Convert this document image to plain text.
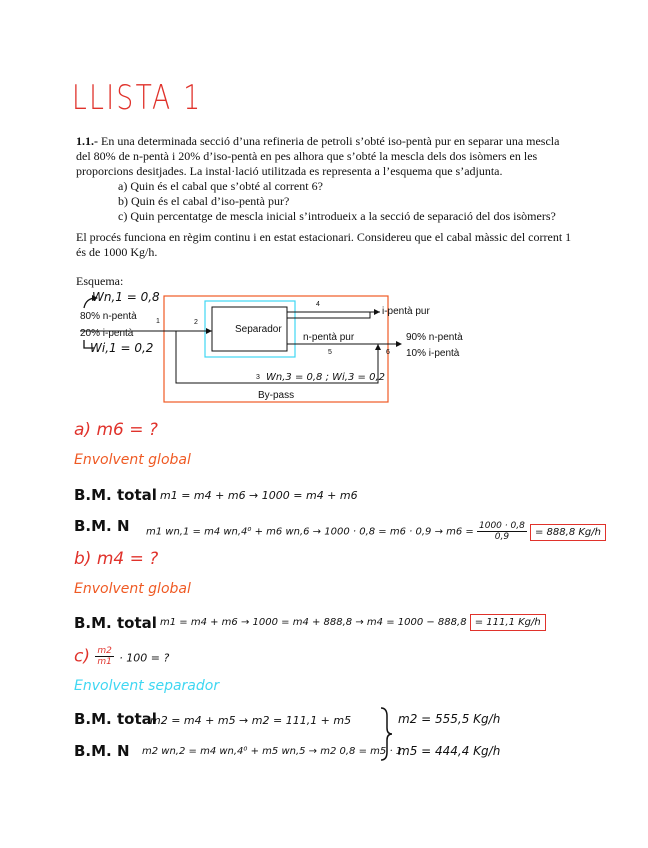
LLISTA 1
1.1.- En una determinada secció d’una refineria de petroli s’obté iso-pentà pur en separar una mescla del 80% de n-pentà i 20% d’iso-pentà en pes alhora que s’obté la mescla dels dos isòmers en les proporcions desitjades. La instal·lació utilitzada es representa a l’esquema que s’adjunta.
a) Quin és el cabal que s’obté al corrent 6?
b) Quin és el cabal d’iso-pentà pur?
c) Quin percentatge de mescla inicial s’introdueix a la secció de separació del dos isòmers?
El procés funciona en règim continu i en estat estacionari. Considereu que el cabal màssic del corrent 1 és de 1000 Kg/h.
Esquema:
Wn,1 = 0,8
80% n-pentà
20% i-pentà
Wi,1 = 0,2
1	2
Separador
4
i-pentà pur
n-pentà pur
5	6
90% n-pentà
10% i-pentà
3 Wn,3 = 0,8 ; Wi,3 = 0,2
By-pass
a) m6 = ?
Envolvent global
B.M. total m1 = m4 + m6 → 1000 = m4 + m6
B.M. N m1 wn,1 = m4 wn,4⁰ + m6 $wn,6 \to 1000 \cdot 0,8 = m6 \cdot 0,9 \to m6 = \frac{1000 \cdot 0,8}{0,9} = 888,8$ Kg/h
b) m4 = ?
Envolvent global
B.M. total m1 = m4 + m6 → 1000 = m4 + 888,8 → m4 = 1000 − 888,8 = 111,1 Kg/h
$c) \frac{m2}{m1} \cdot 100$ = ?
Envolvent separador
B.M. total
m2 = m4 + m5 → m2 = 111,1 + m5
B.M. N m2 wn,2 = m4 wn,4⁰ + m5 wn,5 → m2 0,8 = m5 · 1
m2 = 555,5 Kg/h
m5 = 444,4 Kg/h
